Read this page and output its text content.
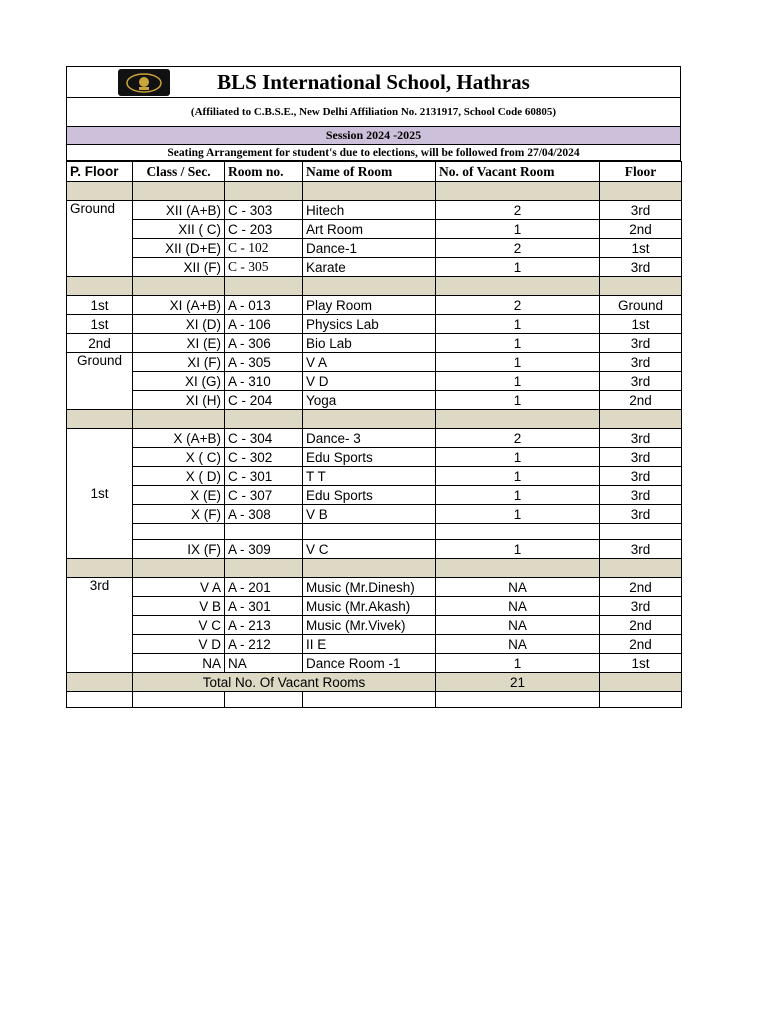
BLS International School, Hathras
(Affiliated to C.B.S.E., New Delhi Affiliation No. 2131917, School Code 60805)
Session 2024 -2025
Seating Arrangement for student's due to elections, will be followed from 27/04/2024
P. Floor	Class / Sec.	Room no.	Name of Room	No. of Vacant Room	Floor

Ground	XII (A+B)	C - 303	Hitech	2	3rd
	XII ( C)	C - 203	Art Room	1	2nd
	XII (D+E)	C - 102	Dance-1	2	1st
	XII (F)	C - 305	Karate	1	3rd

1st	XI (A+B)	A - 013	Play Room	2	Ground
1st	XI (D)	A - 106	Physics Lab	1	1st
2nd	XI (E)	A - 306	Bio Lab	1	3rd
Ground	XI (F)	A - 305	V A	1	3rd
	XI (G)	A - 310	V D	1	3rd
	XI (H)	C - 204	Yoga	1	2nd

1st	X (A+B)	C - 304	Dance- 3	2	3rd
	X ( C)	C - 302	Edu Sports	1	3rd
	X ( D)	C - 301	T T	1	3rd
	X (E)	C - 307	Edu Sports	1	3rd
	X (F)	A - 308	V B	1	3rd

	IX (F)	A - 309	V C	1	3rd

3rd	V A	A - 201	Music (Mr.Dinesh)	NA	2nd
	V B	A - 301	Music (Mr.Akash)	NA	3rd
	V C	A - 213	Music (Mr.Vivek)	NA	2nd
	V D	A - 212	II E	NA	2nd
	NA	NA	Dance Room -1	1	1st
	Total No. Of Vacant Rooms			21	
